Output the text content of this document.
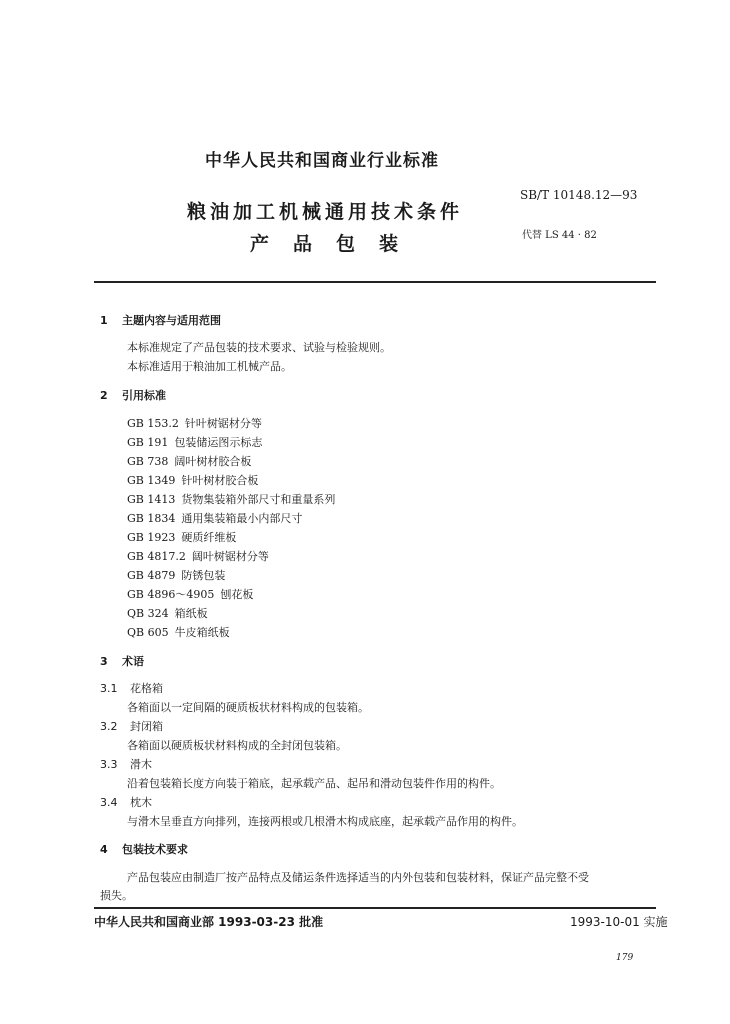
中华人民共和国商业行业标准
粮油加工机械通用技术条件
产品包装
SB/T 10148.12—93
代替 LS 44 · 82
1 主题内容与适用范围
本标准规定了产品包装的技术要求、试验与检验规则。
本标准适用于粮油加工机械产品。
2 引用标准
GB 153.2 针叶树锯材分等
GB 191 包装储运图示标志
GB 738 阔叶树材胶合板
GB 1349 针叶树材胶合板
GB 1413 货物集装箱外部尺寸和重量系列
GB 1834 通用集装箱最小内部尺寸
GB 1923 硬质纤维板
GB 4817.2 阔叶树锯材分等
GB 4879 防锈包装
GB 4896～4905 刨花板
QB 324 箱纸板
QB 605 牛皮箱纸板
3 术语
3.1 花格箱
各箱面以一定间隔的硬质板状材料构成的包装箱。
3.2 封闭箱
各箱面以硬质板状材料构成的全封闭包装箱。
3.3 滑木
沿着包装箱长度方向装于箱底，起承载产品、起吊和滑动包装件作用的构件。
3.4 枕木
与滑木呈垂直方向排列，连接两根或几根滑木构成底座，起承载产品作用的构件。
4 包装技术要求
产品包装应由制造厂按产品特点及储运条件选择适当的内外包装和包装材料，保证产品完整不受
损失。
中华人民共和国商业部 1993-03-23 批准	1993-10-01 实施
179
